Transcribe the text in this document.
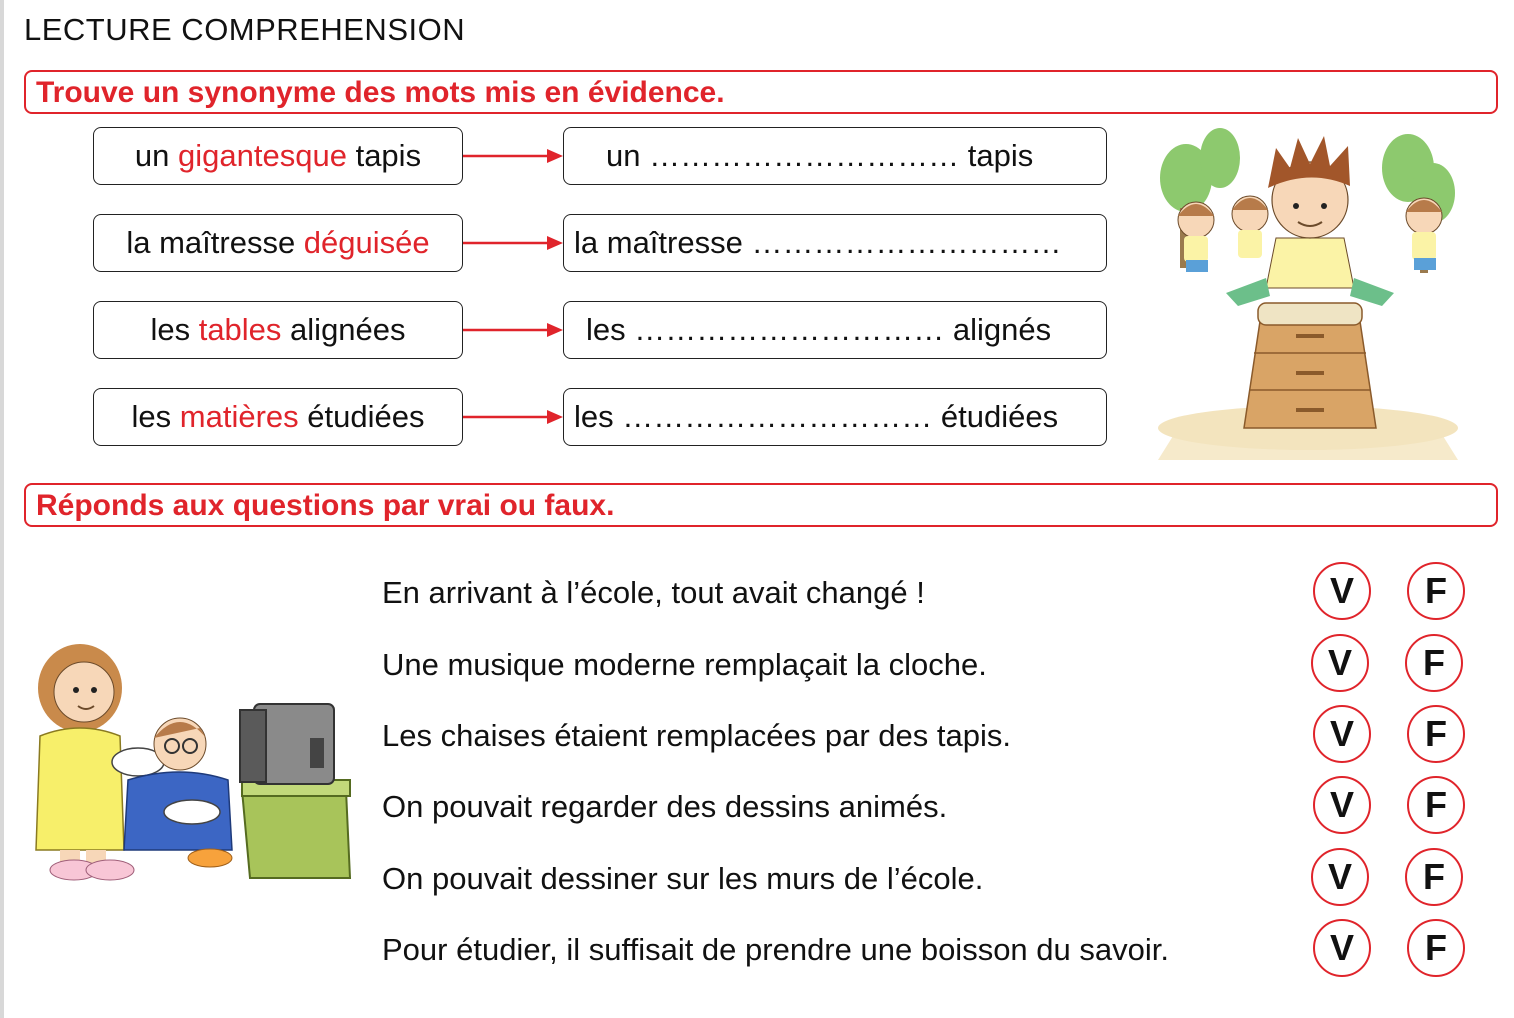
LECTURE COMPREHENSION
Trouve un synonyme des mots mis en évidence.
un gigantesque tapis	un ………………………… tapis
la maîtresse déguisée	la maîtresse …………………………
les tables alignées	les ………………………… alignés
les matières étudiées	les ………………………… étudiées
Réponds aux questions par vrai ou faux.
En arrivant à l’école, tout avait changé !	V	F
Une musique moderne remplaçait la cloche.	V	F
Les chaises étaient remplacées par des tapis.	V	F
On pouvait regarder des dessins animés.	V	F
On pouvait dessiner sur les murs de l’école.	V	F
Pour étudier, il suffisait de prendre une boisson du savoir.	V	F
